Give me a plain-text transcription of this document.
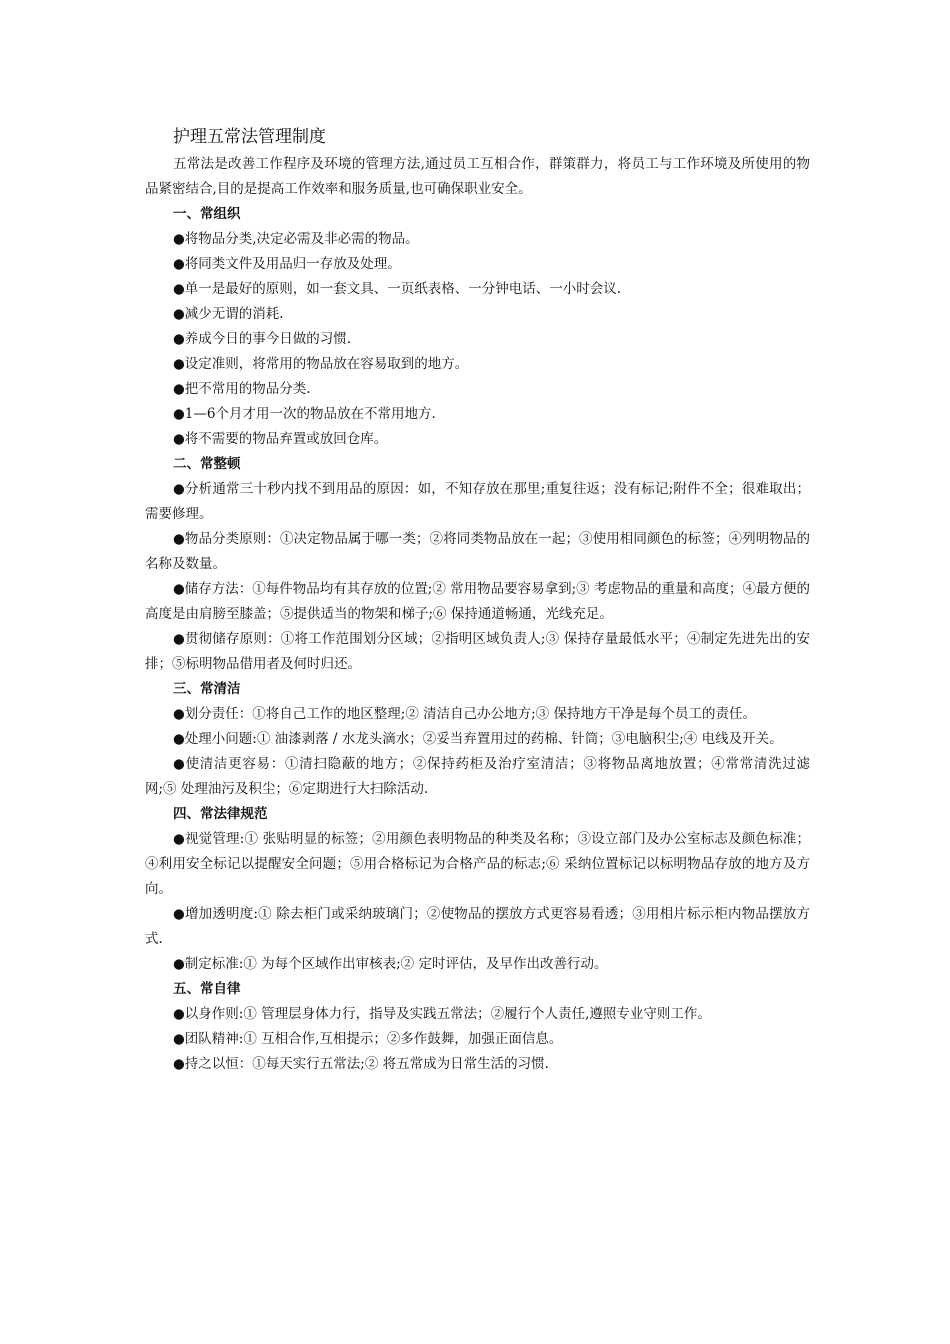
护理五常法管理制度

五常法是改善工作程序及环境的管理方法,通过员工互相合作，群策群力，将员工与工作环境及所使用的物品紧密结合,目的是提高工作效率和服务质量,也可确保职业安全。

一、常组织

●将物品分类,决定必需及非必需的物品。

●将同类文件及用品归一存放及处理。

●单一是最好的原则，如一套文具、一页纸表格、一分钟电话、一小时会议.

●减少无谓的消耗.

●养成今日的事今日做的习惯.

●设定准则，将常用的物品放在容易取到的地方。

●把不常用的物品分类.

●1—6个月才用一次的物品放在不常用地方.

●将不需要的物品弃置或放回仓库。

二、常整顿

●分析通常三十秒内找不到用品的原因：如，不知存放在那里;重复往返；没有标记;附件不全；很难取出；需要修理。

●物品分类原则：①决定物品属于哪一类；②将同类物品放在一起；③使用相同颜色的标签；④列明物品的名称及数量。

●储存方法：①每件物品均有其存放的位置;② 常用物品要容易拿到;③ 考虑物品的重量和高度；④最方便的高度是由肩膀至膝盖；⑤提供适当的物架和梯子;⑥ 保持通道畅通，光线充足。

●贯彻储存原则：①将工作范围划分区域；②指明区域负责人;③ 保持存量最低水平；④制定先进先出的安排；⑤标明物品借用者及何时归还。

三、常清洁

●划分责任：①将自己工作的地区整理;② 清洁自己办公地方;③ 保持地方干净是每个员工的责任。

●处理小问题:① 油漆剥落 / 水龙头滴水；②妥当弃置用过的药棉、针筒；③电脑积尘;④ 电线及开关。

●使清洁更容易：①清扫隐蔽的地方；②保持药柜及治疗室清洁；③将物品离地放置；④常常清洗过滤网;⑤ 处理油污及积尘；⑥定期进行大扫除活动.

四、常法律规范

●视觉管理:① 张贴明显的标签；②用颜色表明物品的种类及名称；③设立部门及办公室标志及颜色标准；④利用安全标记以提醒安全问题；⑤用合格标记为合格产品的标志;⑥ 采纳位置标记以标明物品存放的地方及方向。

●增加透明度:① 除去柜门或采纳玻璃门；②使物品的摆放方式更容易看透；③用相片标示柜内物品摆放方式.

●制定标准:① 为每个区域作出审核表;② 定时评估，及早作出改善行动。

五、常自律

●以身作则:① 管理层身体力行，指导及实践五常法；②履行个人责任,遵照专业守则工作。

●团队精神:① 互相合作,互相提示；②多作鼓舞，加强正面信息。

●持之以恒：①每天实行五常法;② 将五常成为日常生活的习惯.
